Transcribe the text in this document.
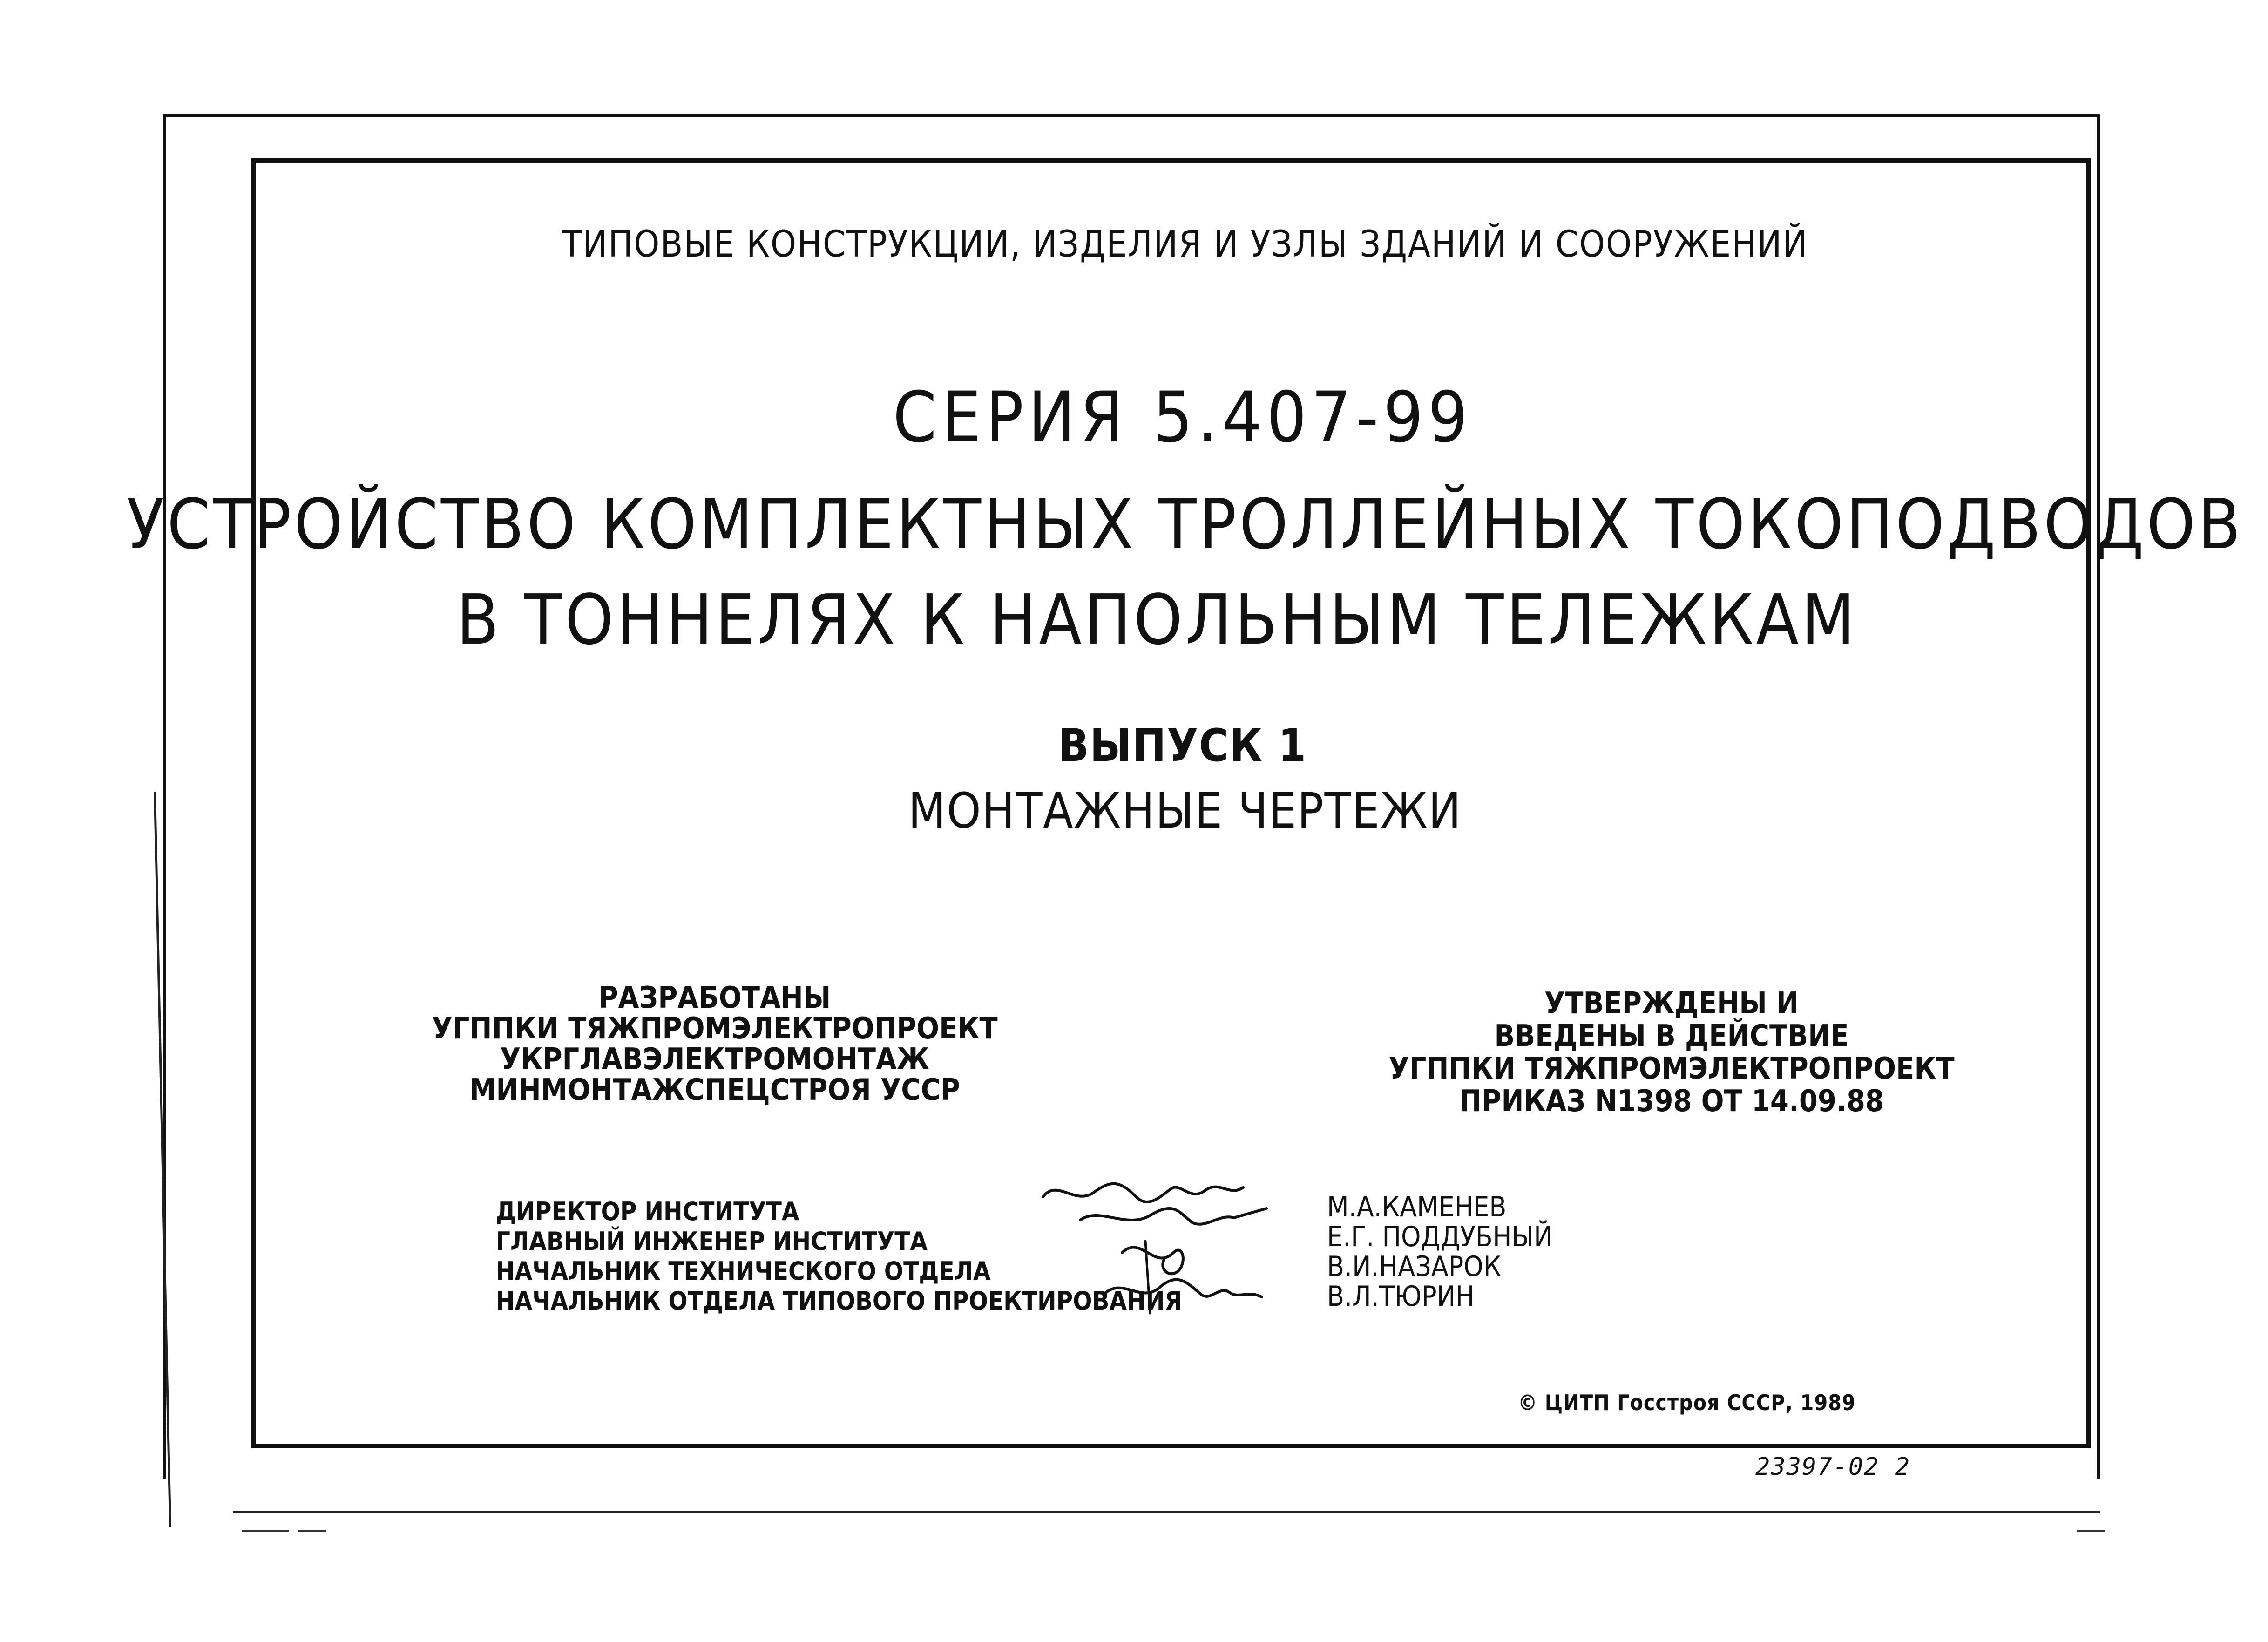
ТИПОВЫЕ КОНСТРУКЦИИ, ИЗДЕЛИЯ И УЗЛЫ ЗДАНИЙ И СООРУЖЕНИЙ
СЕРИЯ 5.407-99
УСТРОЙСТВО КОМПЛЕКТНЫХ ТРОЛЛЕЙНЫХ ТОКОПОДВОДОВ
В ТОННЕЛЯХ К НАПОЛЬНЫМ ТЕЛЕЖКАМ
ВЫПУСК 1
МОНТАЖНЫЕ ЧЕРТЕЖИ
РАЗРАБОТАНЫ
УГППКИ ТЯЖПРОМЭЛЕКТРОПРОЕКТ
УКРГЛАВЭЛЕКТРОМОНТАЖ
МИНМОНТАЖСПЕЦСТРОЯ УССР
УТВЕРЖДЕНЫ И
ВВЕДЕНЫ В ДЕЙСТВИЕ
УГППКИ ТЯЖПРОМЭЛЕКТРОПРОЕКТ
ПРИКАЗ N1398 ОТ 14.09.88
ДИРЕКТОР ИНСТИТУТА
ГЛАВНЫЙ ИНЖЕНЕР ИНСТИТУТА
НАЧАЛЬНИК ТЕХНИЧЕСКОГО ОТДЕЛА
НАЧАЛЬНИК ОТДЕЛА ТИПОВОГО ПРОЕКТИРОВАНИЯ
М.А.КАМЕНЕВ
Е.Г. ПОДДУБНЫЙ
В.И.НАЗАРОК
В.Л.ТЮРИН
© ЦИТП Госстроя СССР, 1989
23397-02 2
